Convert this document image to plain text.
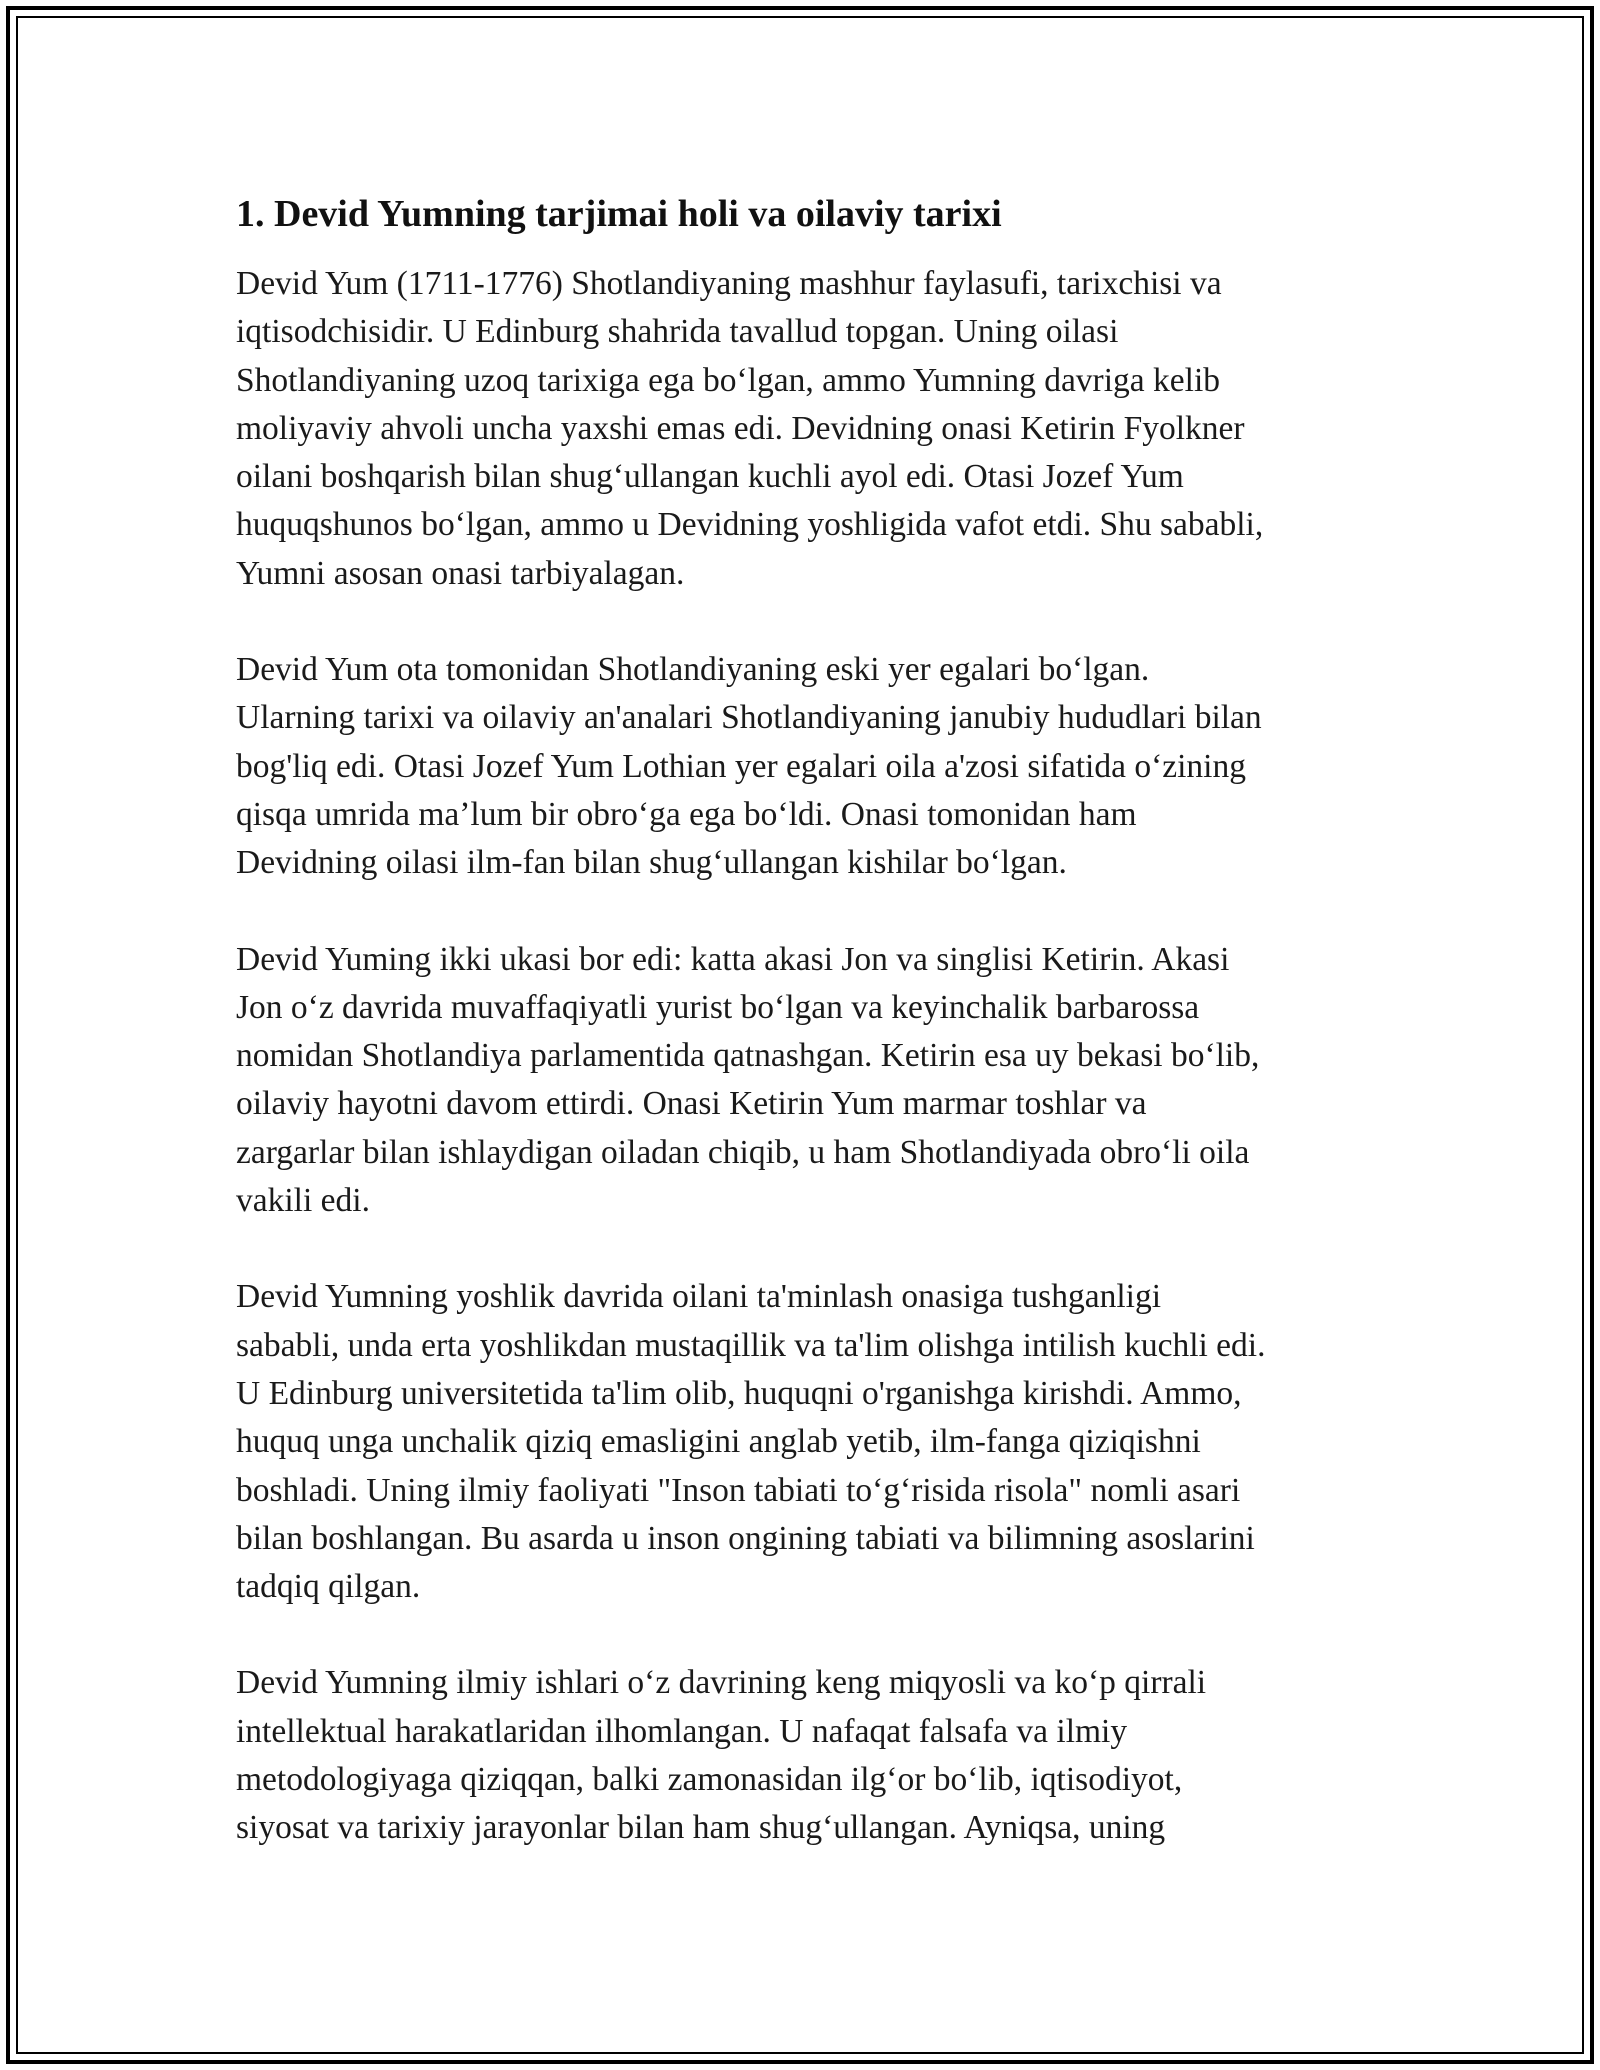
1. Devid Yumning tarjimai holi va oilaviy tarixi

Devid Yum (1711-1776) Shotlandiyaning mashhur faylasufi, tarixchisi va
iqtisodchisidir. U Edinburg shahrida tavallud topgan. Uning oilasi
Shotlandiyaning uzoq tarixiga ega boʻlgan, ammo Yumning davriga kelib
moliyaviy ahvoli uncha yaxshi emas edi. Devidning onasi Ketirin Fyolkner
oilani boshqarish bilan shugʻullangan kuchli ayol edi. Otasi Jozef Yum
huquqshunos boʻlgan, ammo u Devidning yoshligida vafot etdi. Shu sababli,
Yumni asosan onasi tarbiyalagan.

Devid Yum ota tomonidan Shotlandiyaning eski yer egalari boʻlgan.
Ularning tarixi va oilaviy an'analari Shotlandiyaning janubiy hududlari bilan
bog'liq edi. Otasi Jozef Yum Lothian yer egalari oila a'zosi sifatida oʻzining
qisqa umrida maʼlum bir obroʻga ega boʻldi. Onasi tomonidan ham
Devidning oilasi ilm-fan bilan shugʻullangan kishilar boʻlgan.

Devid Yuming ikki ukasi bor edi: katta akasi Jon va singlisi Ketirin. Akasi
Jon oʻz davrida muvaffaqiyatli yurist boʻlgan va keyinchalik barbarossa
nomidan Shotlandiya parlamentida qatnashgan. Ketirin esa uy bekasi boʻlib,
oilaviy hayotni davom ettirdi. Onasi Ketirin Yum marmar toshlar va
zargarlar bilan ishlaydigan oiladan chiqib, u ham Shotlandiyada obroʻli oila
vakili edi.

Devid Yumning yoshlik davrida oilani ta'minlash onasiga tushganligi
sababli, unda erta yoshlikdan mustaqillik va ta'lim olishga intilish kuchli edi.
U Edinburg universitetida ta'lim olib, huquqni o'rganishga kirishdi. Ammo,
huquq unga unchalik qiziq emasligini anglab yetib, ilm-fanga qiziqishni
boshladi. Uning ilmiy faoliyati "Inson tabiati toʻgʻrisida risola" nomli asari
bilan boshlangan. Bu asarda u inson ongining tabiati va bilimning asoslarini
tadqiq qilgan.

Devid Yumning ilmiy ishlari oʻz davrining keng miqyosli va koʻp qirrali
intellektual harakatlaridan ilhomlangan. U nafaqat falsafa va ilmiy
metodologiyaga qiziqqan, balki zamonasidan ilgʻor boʻlib, iqtisodiyot,
siyosat va tarixiy jarayonlar bilan ham shugʻullangan. Ayniqsa, uning
